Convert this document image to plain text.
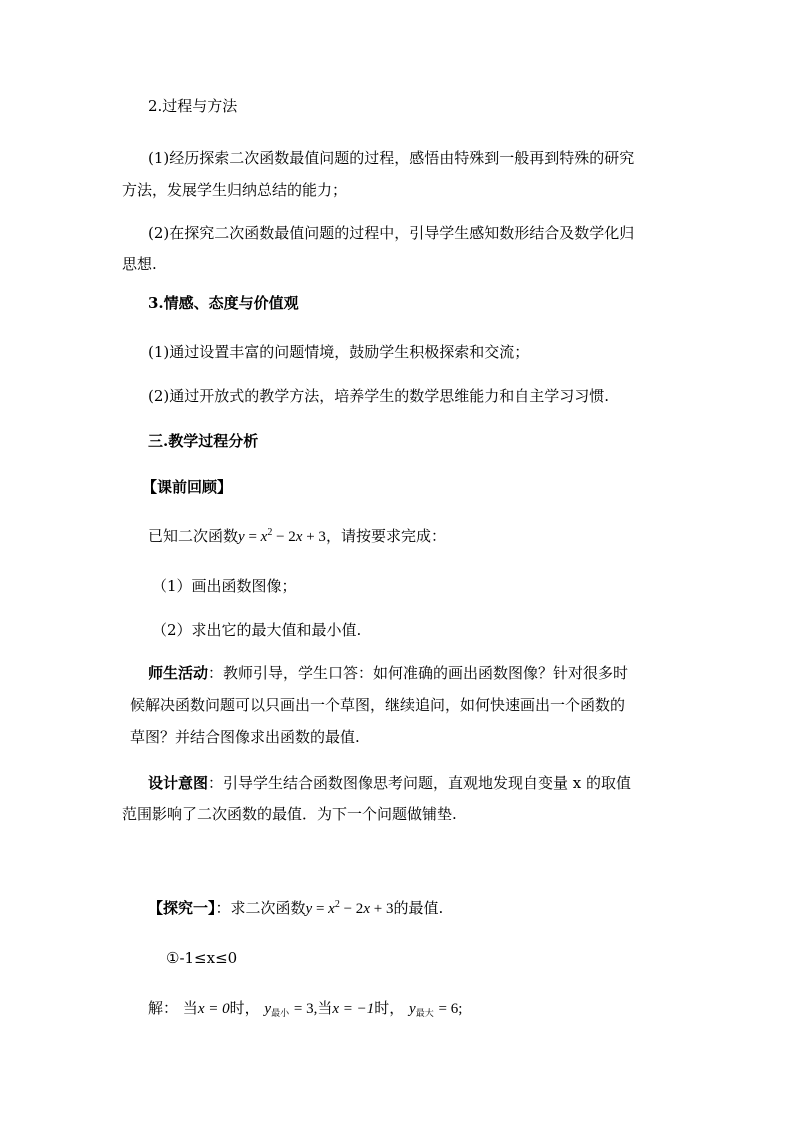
2.过程与方法
(1)经历探索二次函数最值问题的过程，感悟由特殊到一般再到特殊的研究
方法，发展学生归纳总结的能力；
(2)在探究二次函数最值问题的过程中，引导学生感知数形结合及数学化归
思想.
3.情感、态度与价值观
(1)通过设置丰富的问题情境，鼓励学生积极探索和交流；
(2)通过开放式的教学方法，培养学生的数学思维能力和自主学习习惯.
三.教学过程分析
【课前回顾】
已知二次函数$y = x^2 - 2x + 3$，请按要求完成：
（1）画出函数图像；
（2）求出它的最大值和最小值.
师生活动：教师引导，学生口答：如何准确的画出函数图像？针对很多时
候解决函数问题可以只画出一个草图，继续追问，如何快速画出一个函数的
草图？并结合图像求出函数的最值.
设计意图：引导学生结合函数图像思考问题，直观地发现自变量 x 的取值
范围影响了二次函数的最值．为下一个问题做铺垫.
【探究一】：求二次函数$y = x^2 - 2x + 3$的最值.
①-1≤x≤0
解： 当x = 0时， $y_{最小} = 3$,当x = −1时， $y_{最大} = 6$;
